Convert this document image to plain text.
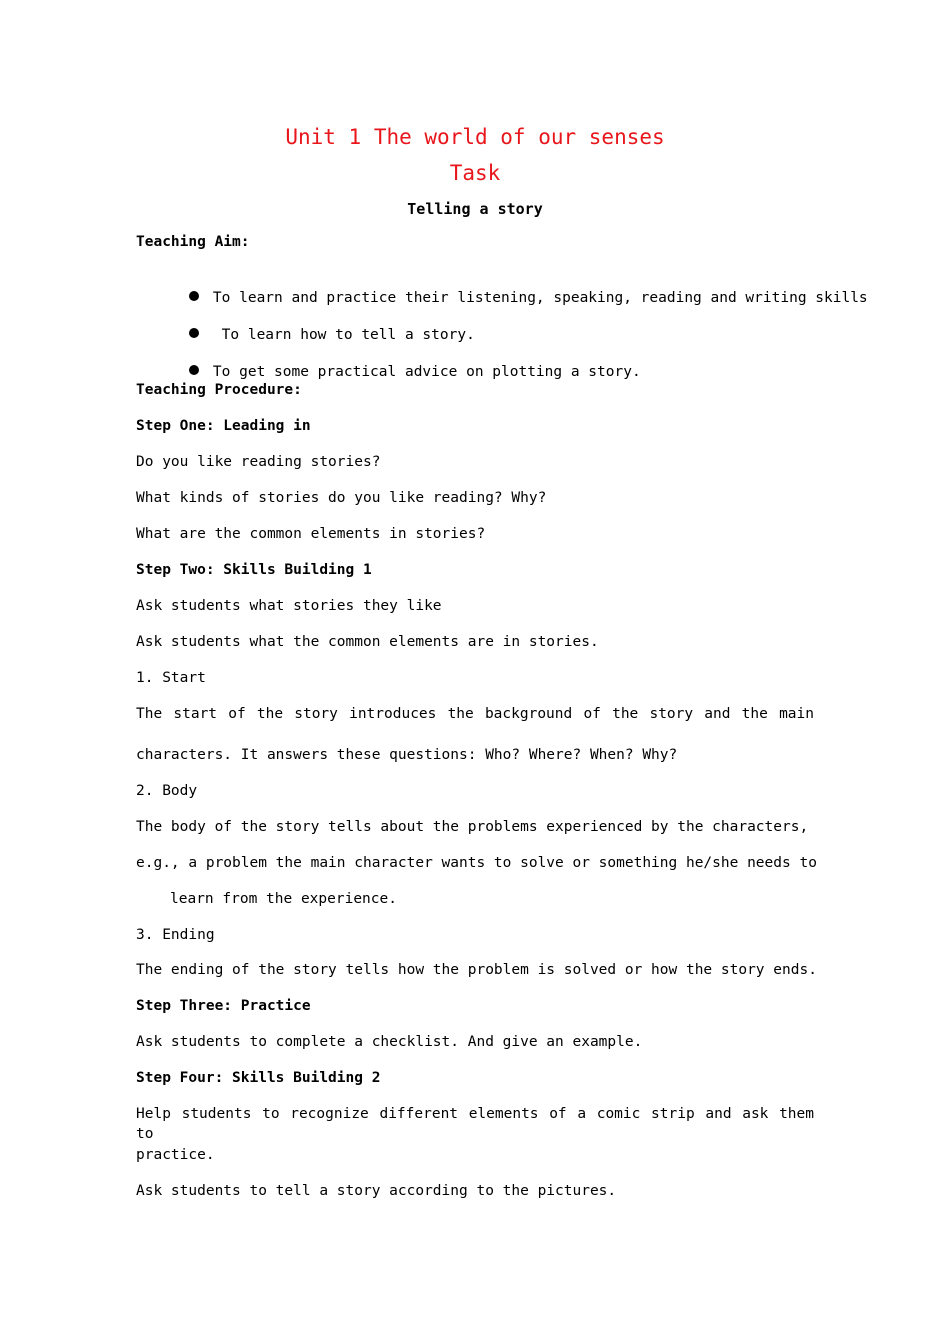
Unit 1 The world of our senses
Task
Telling a story
Teaching Aim:

To learn and practice their listening, speaking, reading and writing skills

To learn how to tell a story.

To get some practical advice on plotting a story.

Teaching Procedure:
Step One: Leading in
Do you like reading stories?
What kinds of stories do you like reading? Why?
What are the common elements in stories?
Step Two: Skills Building 1
Ask students what stories they like
Ask students what the common elements are in stories.
1. Start
The start of the story introduces the background of the story and the main
characters. It answers these questions: Who? Where? When? Why?
2. Body
The body of the story tells about the problems experienced by the characters,
e.g., a problem the main character wants to solve or something he/she needs to
learn from the experience.
3. Ending
The ending of the story tells how the problem is solved or how the story ends.
Step Three: Practice
Ask students to complete a checklist. And give an example.
Step Four: Skills Building 2
Help students to recognize different elements of a comic strip and ask them to
practice.
Ask students to tell a story according to the pictures.
